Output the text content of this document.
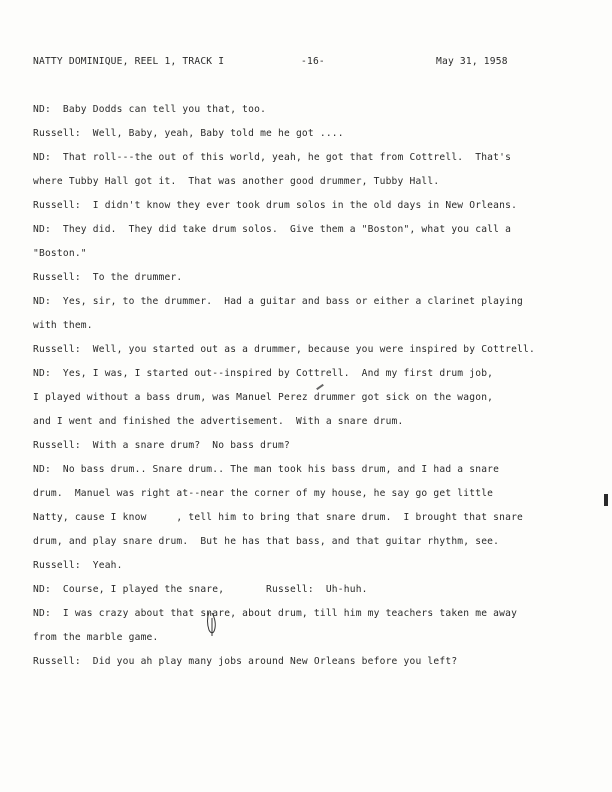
NATTY DOMINIQUE, REEL 1, TRACK I	-16-	May 31, 1958
ND:  Baby Dodds can tell you that, too.
Russell:  Well, Baby, yeah, Baby told me he got ....
ND:  That roll---the out of this world, yeah, he got that from Cottrell.  That's
where Tubby Hall got it.  That was another good drummer, Tubby Hall.
Russell:  I didn't know they ever took drum solos in the old days in New Orleans.
ND:  They did.  They did take drum solos.  Give them a "Boston", what you call a
"Boston."
Russell:  To the drummer.
ND:  Yes, sir, to the drummer.  Had a guitar and bass or either a clarinet playing
with them.
Russell:  Well, you started out as a drummer, because you were inspired by Cottrell.
ND:  Yes, I was, I started out--inspired by Cottrell.  And my first drum job,
I played without a bass drum, was Manuel Perez drummer got sick on the wagon,
and I went and finished the advertisement.  With a snare drum.
Russell:  With a snare drum?  No bass drum?
ND:  No bass drum.. Snare drum.. The man took his bass drum, and I had a snare
drum.  Manuel was right at--near the corner of my house, he say go get little
Natty, cause I know     , tell him to bring that snare drum.  I brought that snare
drum, and play snare drum.  But he has that bass, and that guitar rhythm, see.
Russell:  Yeah.
ND:  Course, I played the snare,       Russell:  Uh-huh.
ND:  I was crazy about that snare, about drum, till him my teachers taken me away
from the marble game.
Russell:  Did you ah play many jobs around New Orleans before you left?
